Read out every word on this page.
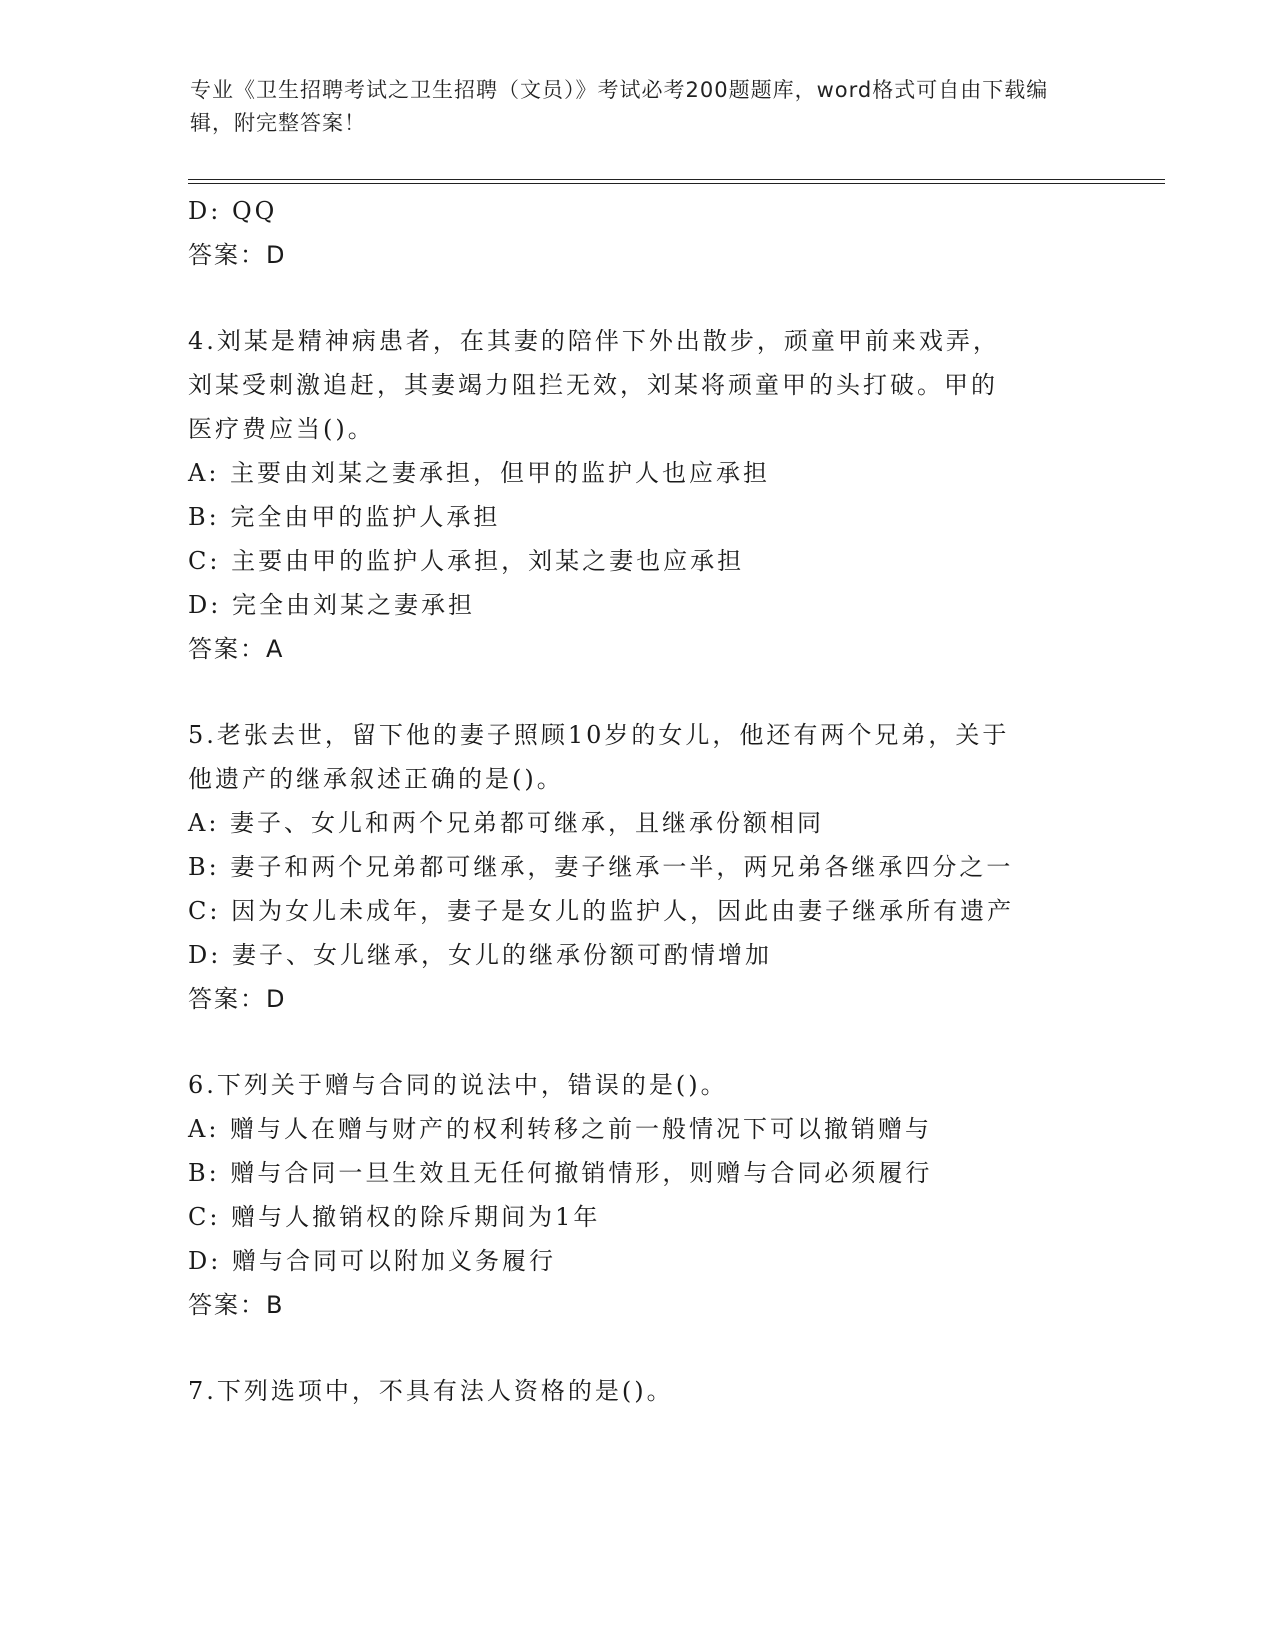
专业《卫生招聘考试之卫生招聘（文员）》考试必考200题题库，word格式可自由下载编辑，附完整答案！
D: QQ
答案：D
4.刘某是精神病患者，在其妻的陪伴下外出散步，顽童甲前来戏弄，
刘某受刺激追赶，其妻竭力阻拦无效，刘某将顽童甲的头打破。甲的
医疗费应当()。
A: 主要由刘某之妻承担，但甲的监护人也应承担
B: 完全由甲的监护人承担
C: 主要由甲的监护人承担，刘某之妻也应承担
D: 完全由刘某之妻承担
答案：A
5.老张去世，留下他的妻子照顾10岁的女儿，他还有两个兄弟，关于
他遗产的继承叙述正确的是()。
A: 妻子、女儿和两个兄弟都可继承，且继承份额相同
B: 妻子和两个兄弟都可继承，妻子继承一半，两兄弟各继承四分之一
C: 因为女儿未成年，妻子是女儿的监护人，因此由妻子继承所有遗产
D: 妻子、女儿继承，女儿的继承份额可酌情增加
答案：D
6.下列关于赠与合同的说法中，错误的是()。
A: 赠与人在赠与财产的权利转移之前一般情况下可以撤销赠与
B: 赠与合同一旦生效且无任何撤销情形，则赠与合同必须履行
C: 赠与人撤销权的除斥期间为1年
D: 赠与合同可以附加义务履行
答案：B
7.下列选项中，不具有法人资格的是()。
